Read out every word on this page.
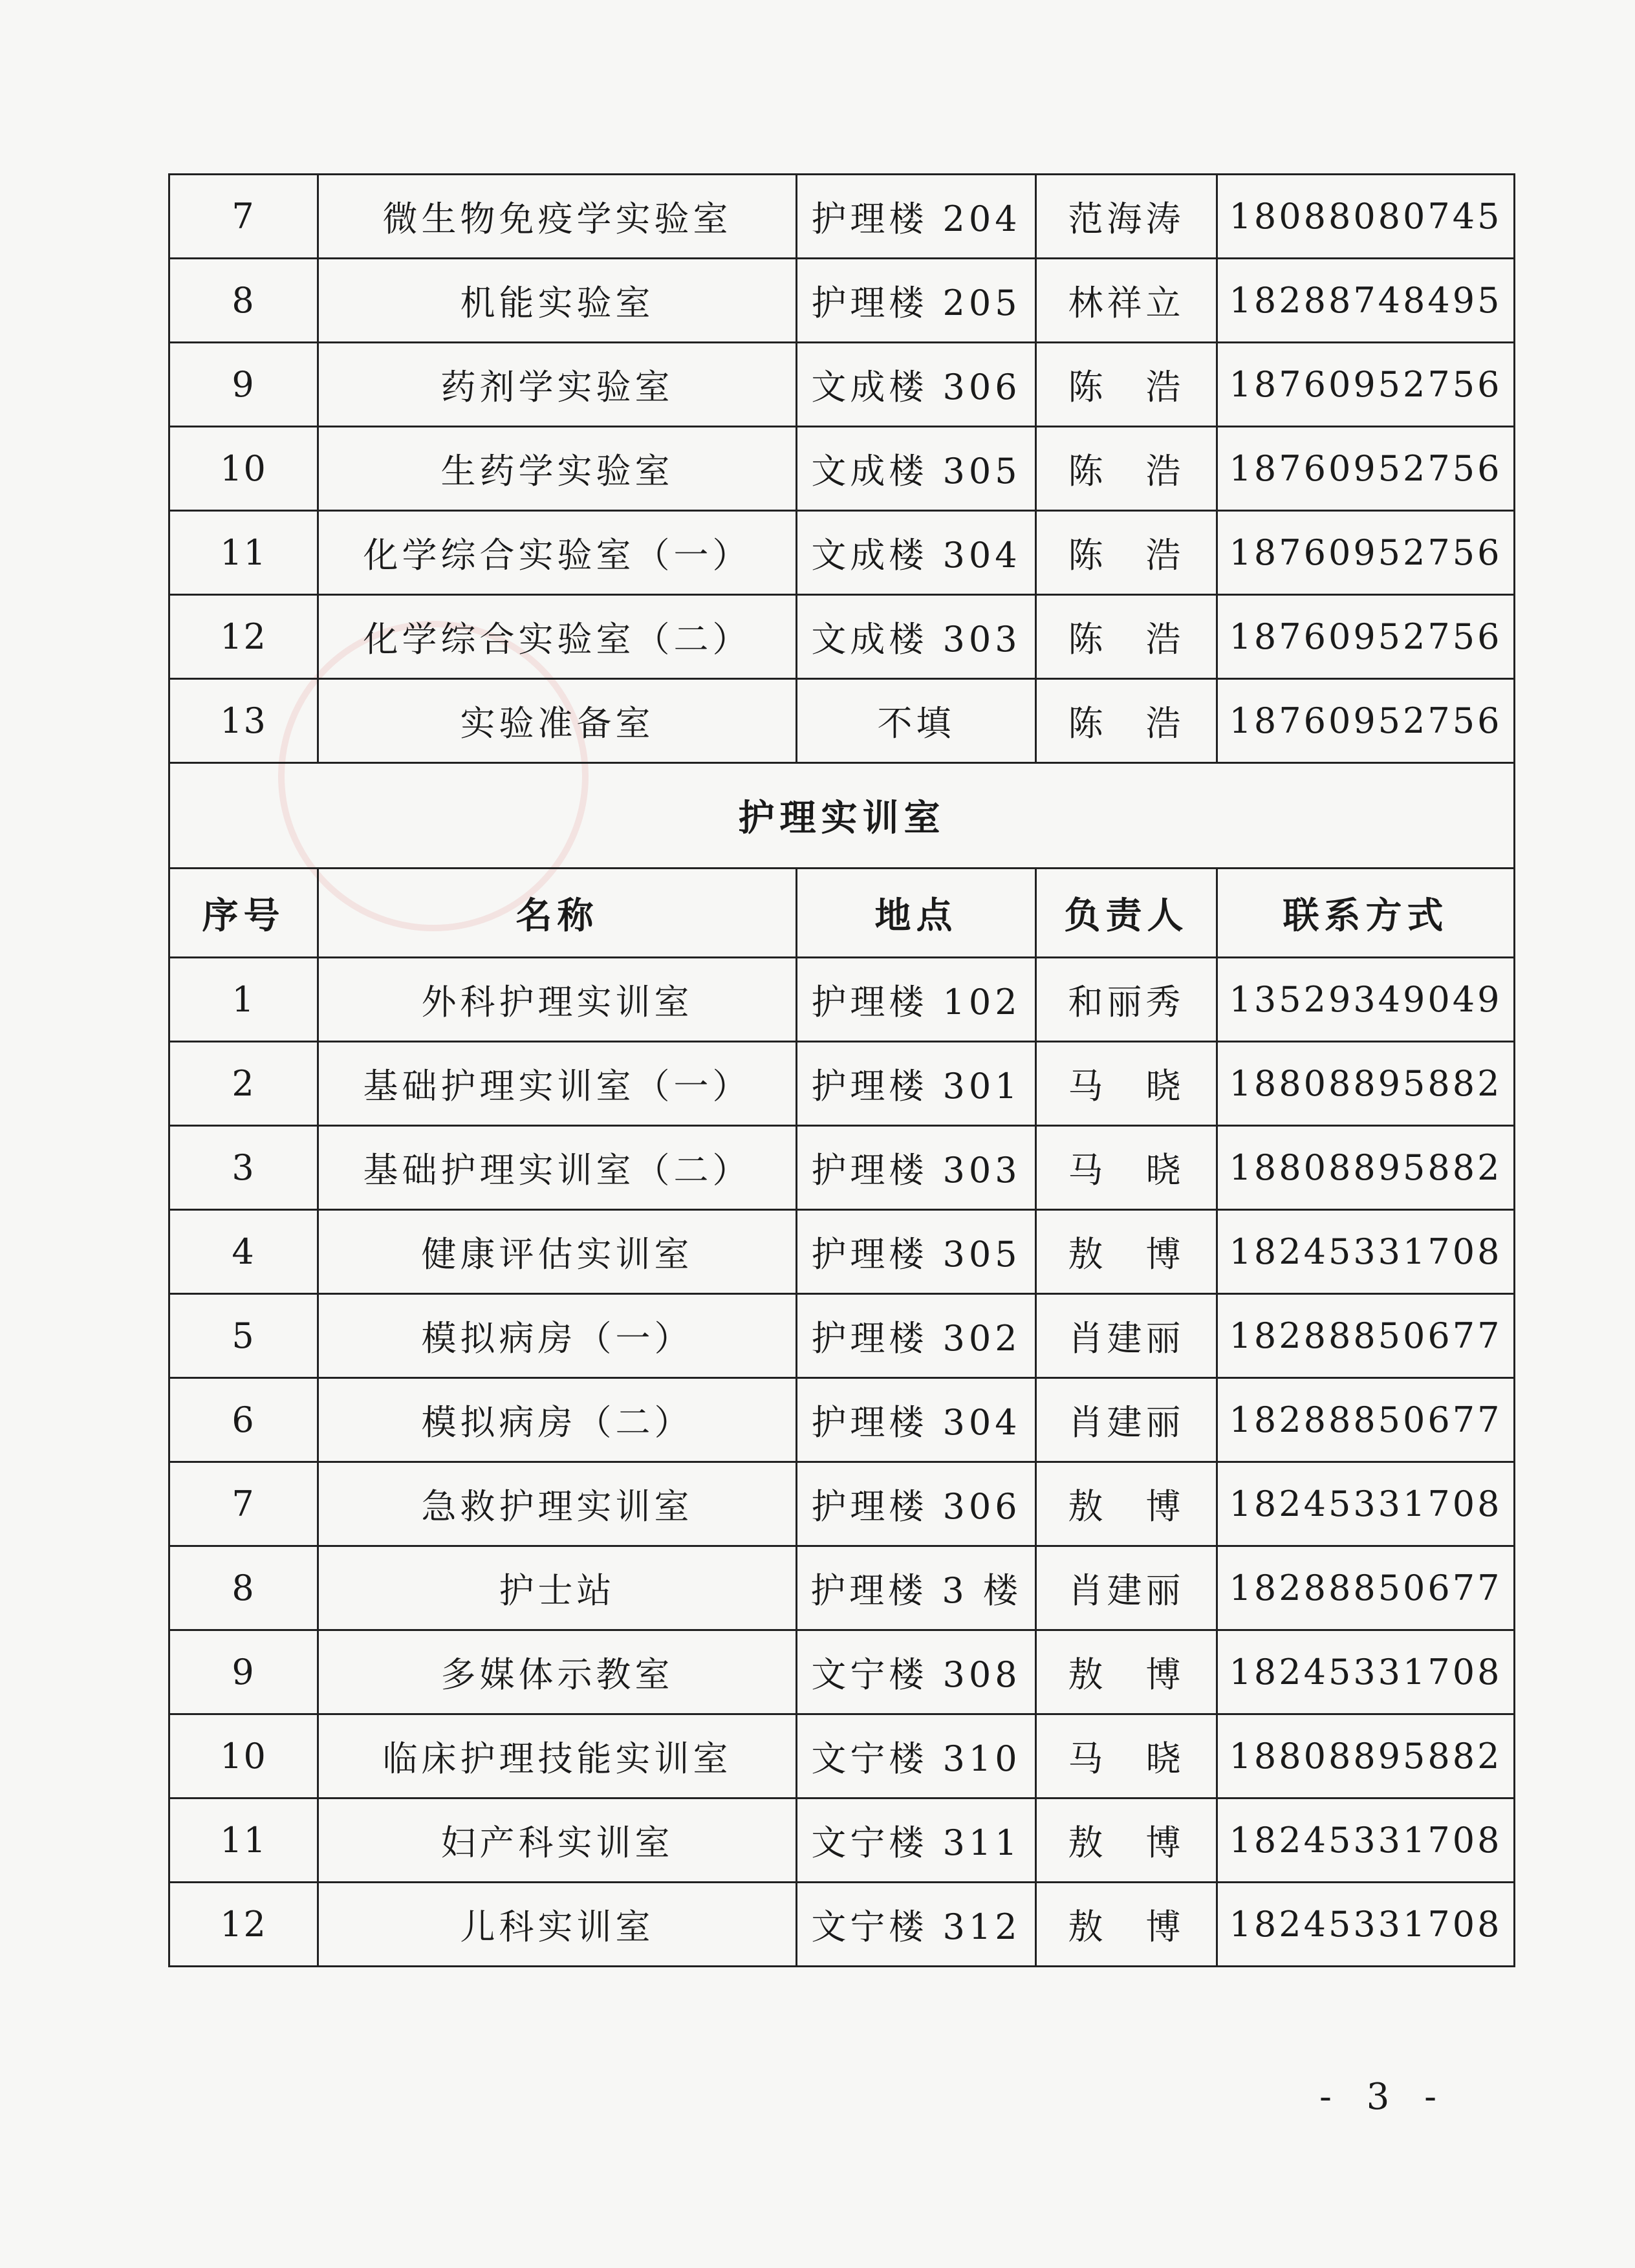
7	微生物免疫学实验室	护理楼 204	范海涛	18088080745
8	机能实验室	护理楼 205	林祥立	18288748495
9	药剂学实验室	文成楼 306	陈　浩	18760952756
10	生药学实验室	文成楼 305	陈　浩	18760952756
11	化学综合实验室（一）	文成楼 304	陈　浩	18760952756
12	化学综合实验室（二）	文成楼 303	陈　浩	18760952756
13	实验准备室	不填	陈　浩	18760952756
护理实训室				
序号	名称	地点	负责人	联系方式
1	外科护理实训室	护理楼 102	和丽秀	13529349049
2	基础护理实训室（一）	护理楼 301	马　晓	18808895882
3	基础护理实训室（二）	护理楼 303	马　晓	18808895882
4	健康评估实训室	护理楼 305	敖　博	18245331708
5	模拟病房（一）	护理楼 302	肖建丽	18288850677
6	模拟病房（二）	护理楼 304	肖建丽	18288850677
7	急救护理实训室	护理楼 306	敖　博	18245331708
8	护士站	护理楼 3 楼	肖建丽	18288850677
9	多媒体示教室	文宁楼 308	敖　博	18245331708
10	临床护理技能实训室	文宁楼 310	马　晓	18808895882
11	妇产科实训室	文宁楼 311	敖　博	18245331708
12	儿科实训室	文宁楼 312	敖　博	18245331708
- 3 -
